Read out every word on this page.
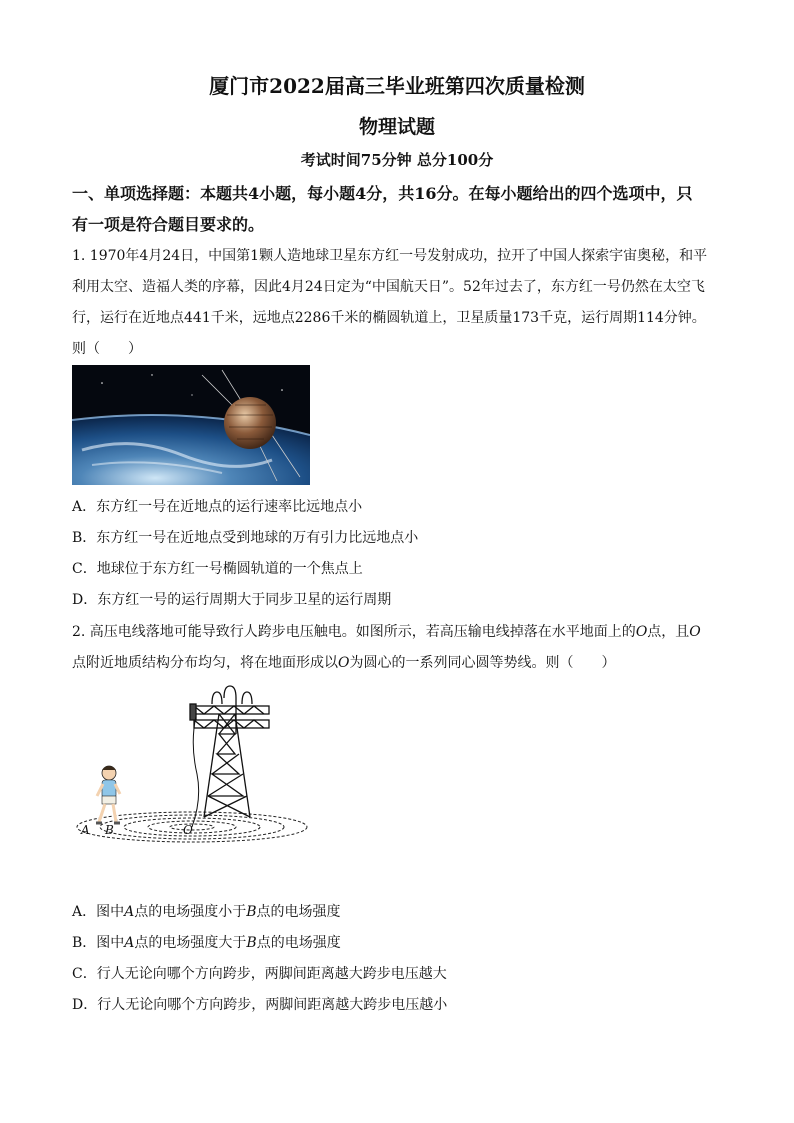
厦门市2022届高三毕业班第四次质量检测
物理试题
考试时间75分钟 总分100分
一、单项选择题：本题共4小题，每小题4分，共16分。在每小题给出的四个选项中，只
有一项是符合题目要求的。
1. 1970年4月24日，中国第1颗人造地球卫星东方红一号发射成功，拉开了中国人探索宇宙奥秘，和平
利用太空、造福人类的序幕，因此4月24日定为“中国航天日”。52年过去了，东方红一号仍然在太空飞
行，运行在近地点441千米，远地点2286千米的椭圆轨道上，卫星质量173千克，运行周期114分钟。
则（　　）
A．东方红一号在近地点的运行速率比远地点小
B．东方红一号在近地点受到地球的万有引力比远地点小
C．地球位于东方红一号椭圆轨道的一个焦点上
D．东方红一号的运行周期大于同步卫星的运行周期
2. 高压电线落地可能导致行人跨步电压触电。如图所示，若高压输电线掉落在水平地面上的O点，且O
点附近地质结构分布均匀，将在地面形成以O为圆心的一系列同心圆等势线。则（　　）
A B	O
A．图中A点的电场强度小于B点的电场强度
B．图中A点的电场强度大于B点的电场强度
C．行人无论向哪个方向跨步，两脚间距离越大跨步电压越大
D．行人无论向哪个方向跨步，两脚间距离越大跨步电压越小
